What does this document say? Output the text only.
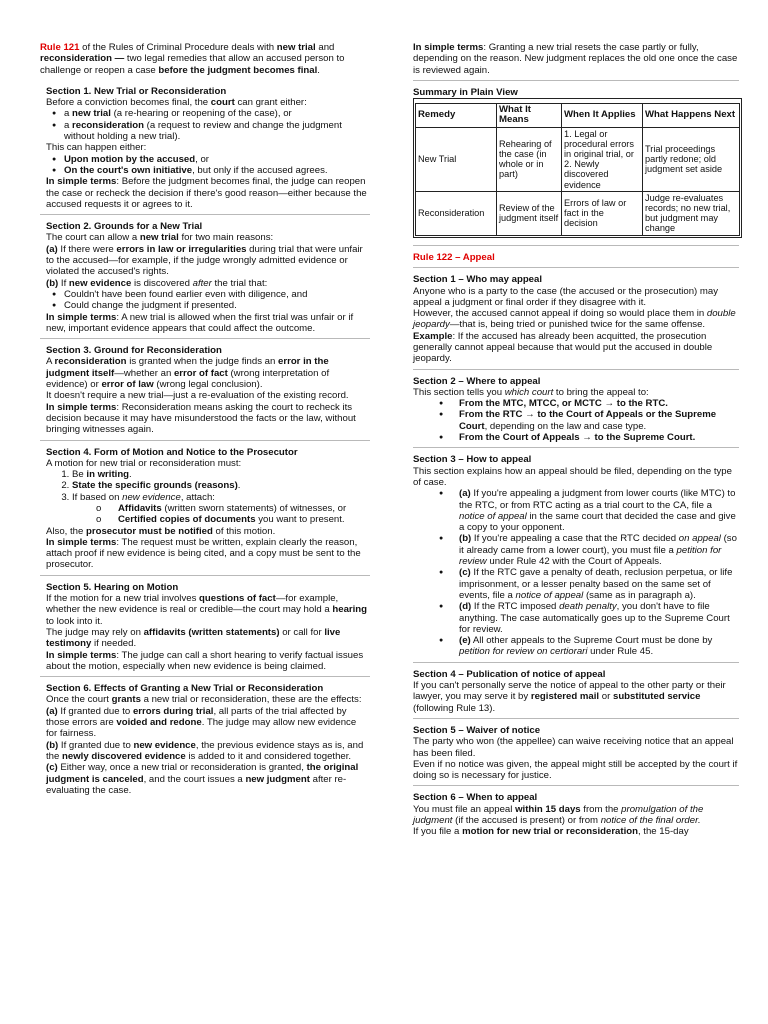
Rule 121 of the Rules of Criminal Procedure deals with new trial and reconsideration — two legal remedies that allow an accused person to challenge or reopen a case before the judgment becomes final.

Section 1. New Trial or Reconsideration

Before a conviction becomes final, the court can grant either:

● a new trial (a re-hearing or reopening of the case), or
● a reconsideration (a request to review and change the judgment without holding a new trial).

This can happen either:

● Upon motion by the accused, or
● On the court's own initiative, but only if the accused agrees.

In simple terms: Before the judgment becomes final, the judge can reopen the case or recheck the decision if there's good reason—either because the accused requests it or agrees to it.

Section 2. Grounds for a New Trial

The court can allow a new trial for two main reasons:

(a) If there were errors in law or irregularities during trial that were unfair to the accused—for example, if the judge wrongly admitted evidence or violated the accused's rights.

(b) If new evidence is discovered after the trial that:

● Couldn't have been found earlier even with diligence, and
● Could change the judgment if presented.

In simple terms: A new trial is allowed when the first trial was unfair or if new, important evidence appears that could affect the outcome.

Section 3. Ground for Reconsideration

A reconsideration is granted when the judge finds an error in the judgment itself—whether an error of fact (wrong interpretation of evidence) or error of law (wrong legal conclusion).

It doesn't require a new trial—just a re-evaluation of the existing record.

In simple terms: Reconsideration means asking the court to recheck its decision because it may have misunderstood the facts or the law, without bringing witnesses again.

Section 4. Form of Motion and Notice to the Prosecutor

A motion for new trial or reconsideration must:

1. Be in writing.
2. State the specific grounds (reasons).
3. If based on new evidence, attach:
o Affidavits (written sworn statements) of witnesses, or
o Certified copies of documents you want to present.

Also, the prosecutor must be notified of this motion.

In simple terms: The request must be written, explain clearly the reason, attach proof if new evidence is being cited, and a copy must be sent to the prosecutor.

Section 5. Hearing on Motion

If the motion for a new trial involves questions of fact—for example, whether the new evidence is real or credible—the court may hold a hearing to look into it.

The judge may rely on affidavits (written statements) or call for live testimony if needed.

In simple terms: The judge can call a short hearing to verify factual issues about the motion, especially when new evidence is being claimed.

Section 6. Effects of Granting a New Trial or Reconsideration

Once the court grants a new trial or reconsideration, these are the effects:

(a) If granted due to errors during trial, all parts of the trial affected by those errors are voided and redone. The judge may allow new evidence for fairness.

(b) If granted due to new evidence, the previous evidence stays as is, and the newly discovered evidence is added to it and considered together.

(c) Either way, once a new trial or reconsideration is granted, the original judgment is canceled, and the court issues a new judgment after re-evaluating the case.

In simple terms: Granting a new trial resets the case partly or fully, depending on the reason. New judgment replaces the old one once the case is reviewed again.

Summary in Plain View

Remedy	What It Means	When It Applies	What Happens Next
New Trial	Rehearing of the case (in whole or in part)	1. Legal or procedural errors in original trial, or 2. Newly discovered evidence	Trial proceedings partly redone; old judgment set aside
Reconsideration	Review of the judgment itself	Errors of law or fact in the decision	Judge re-evaluates records; no new trial, but judgment may change

Rule 122 – Appeal

Section 1 – Who may appeal

Anyone who is a party to the case (the accused or the prosecution) may appeal a judgment or final order if they disagree with it.

However, the accused cannot appeal if doing so would place them in double jeopardy—that is, being tried or punished twice for the same offense.

Example: If the accused has already been acquitted, the prosecution generally cannot appeal because that would put the accused in double jeopardy.

Section 2 – Where to appeal

This section tells you which court to bring the appeal to:

● From the MTC, MTCC, or MCTC → to the RTC.
● From the RTC → to the Court of Appeals or the Supreme Court, depending on the law and case type.
● From the Court of Appeals → to the Supreme Court.

Section 3 – How to appeal

This section explains how an appeal should be filed, depending on the type of case.

● (a) If you're appealing a judgment from lower courts (like MTC) to the RTC, or from RTC acting as a trial court to the CA, file a notice of appeal in the same court that decided the case and give a copy to your opponent.
● (b) If you're appealing a case that the RTC decided on appeal (so it already came from a lower court), you must file a petition for review under Rule 42 with the Court of Appeals.
● (c) If the RTC gave a penalty of death, reclusion perpetua, or life imprisonment, or a lesser penalty based on the same set of events, file a notice of appeal (same as in paragraph a).
● (d) If the RTC imposed death penalty, you don't have to file anything. The case automatically goes up to the Supreme Court for review.
● (e) All other appeals to the Supreme Court must be done by petition for review on certiorari under Rule 45.

Section 4 – Publication of notice of appeal

If you can't personally serve the notice of appeal to the other party or their lawyer, you may serve it by registered mail or substituted service (following Rule 13).

Section 5 – Waiver of notice

The party who won (the appellee) can waive receiving notice that an appeal has been filed.

Even if no notice was given, the appeal might still be accepted by the court if doing so is necessary for justice.

Section 6 – When to appeal

You must file an appeal within 15 days from the promulgation of the judgment (if the accused is present) or from notice of the final order.

If you file a motion for new trial or reconsideration, the 15-day
